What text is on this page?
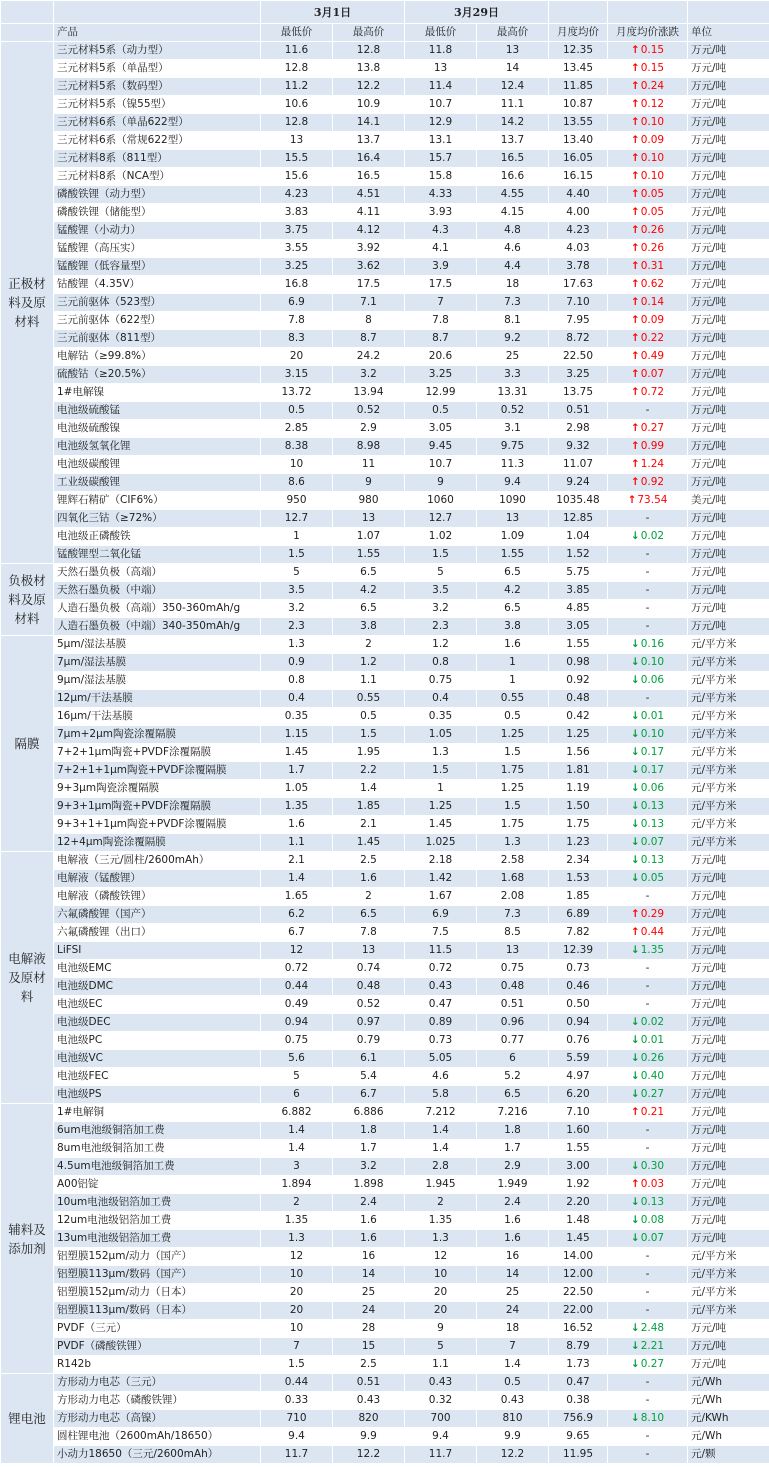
		3月1日		3月29日				
	产品	最低价	最高价	最低价	最高价	月度均价	月度均价涨跌	单位
正极材料及原材料	三元材料5系（动力型）	11.6	12.8	11.8	13	12.35	↑0.15	万元/吨
	三元材料5系（单晶型）	12.8	13.8	13	14	13.45	↑0.15	万元/吨
	三元材料5系（数码型）	11.2	12.2	11.4	12.4	11.85	↑0.24	万元/吨
	三元材料5系（镍55型）	10.6	10.9	10.7	11.1	10.87	↑0.12	万元/吨
	三元材料6系（单晶622型）	12.8	14.1	12.9	14.2	13.55	↑0.10	万元/吨
	三元材料6系（常规622型）	13	13.7	13.1	13.7	13.40	↑0.09	万元/吨
	三元材料8系（811型）	15.5	16.4	15.7	16.5	16.05	↑0.10	万元/吨
	三元材料8系（NCA型）	15.6	16.5	15.8	16.6	16.15	↑0.10	万元/吨
	磷酸铁锂（动力型）	4.23	4.51	4.33	4.55	4.40	↑0.05	万元/吨
	磷酸铁锂（储能型）	3.83	4.11	3.93	4.15	4.00	↑0.05	万元/吨
	锰酸锂（小动力）	3.75	4.12	4.3	4.8	4.23	↑0.26	万元/吨
	锰酸锂（高压实）	3.55	3.92	4.1	4.6	4.03	↑0.26	万元/吨
	锰酸锂（低容量型）	3.25	3.62	3.9	4.4	3.78	↑0.31	万元/吨
	钴酸锂（4.35V）	16.8	17.5	17.5	18	17.63	↑0.62	万元/吨
	三元前驱体（523型）	6.9	7.1	7	7.3	7.10	↑0.14	万元/吨
	三元前驱体（622型）	7.8	8	7.8	8.1	7.95	↑0.09	万元/吨
	三元前驱体（811型）	8.3	8.7	8.7	9.2	8.72	↑0.22	万元/吨
	电解钴（≥99.8%）	20	24.2	20.6	25	22.50	↑0.49	万元/吨
	硫酸钴（≥20.5%）	3.15	3.2	3.25	3.3	3.25	↑0.07	万元/吨
	1#电解镍	13.72	13.94	12.99	13.31	13.75	↑0.72	万元/吨
	电池级硫酸锰	0.5	0.52	0.5	0.52	0.51	-	万元/吨
	电池级硫酸镍	2.85	2.9	3.05	3.1	2.98	↑0.27	万元/吨
	电池级氢氧化锂	8.38	8.98	9.45	9.75	9.32	↑0.99	万元/吨
	电池级碳酸锂	10	11	10.7	11.3	11.07	↑1.24	万元/吨
	工业级碳酸锂	8.6	9	9	9.4	9.24	↑0.92	万元/吨
	锂辉石精矿（CIF6%）	950	980	1060	1090	1035.48	↑73.54	美元/吨
	四氧化三钴（≥72%）	12.7	13	12.7	13	12.85	-	万元/吨
	电池级正磷酸铁	1	1.07	1.02	1.09	1.04	↓0.02	万元/吨
	锰酸锂型二氧化锰	1.5	1.55	1.5	1.55	1.52	-	万元/吨
负极材料及原材料	天然石墨负极（高端）	5	6.5	5	6.5	5.75	-	万元/吨
	天然石墨负极（中端）	3.5	4.2	3.5	4.2	3.85	-	万元/吨
	人造石墨负极（高端）350-360mAh/g	3.2	6.5	3.2	6.5	4.85	-	万元/吨
	人造石墨负极（中端）340-350mAh/g	2.3	3.8	2.3	3.8	3.05	-	万元/吨
隔膜	5μm/湿法基膜	1.3	2	1.2	1.6	1.55	↓0.16	元/平方米
	7μm/湿法基膜	0.9	1.2	0.8	1	0.98	↓0.10	元/平方米
	9μm/湿法基膜	0.8	1.1	0.75	1	0.92	↓0.06	元/平方米
	12μm/干法基膜	0.4	0.55	0.4	0.55	0.48	-	元/平方米
	16μm/干法基膜	0.35	0.5	0.35	0.5	0.42	↓0.01	元/平方米
	7μm+2μm陶瓷涂覆隔膜	1.15	1.5	1.05	1.25	1.25	↓0.10	元/平方米
	7+2+1μm陶瓷+PVDF涂覆隔膜	1.45	1.95	1.3	1.5	1.56	↓0.17	元/平方米
	7+2+1+1μm陶瓷+PVDF涂覆隔膜	1.7	2.2	1.5	1.75	1.81	↓0.17	元/平方米
	9+3μm陶瓷涂覆隔膜	1.05	1.4	1	1.25	1.19	↓0.06	元/平方米
	9+3+1μm陶瓷+PVDF涂覆隔膜	1.35	1.85	1.25	1.5	1.50	↓0.13	元/平方米
	9+3+1+1μm陶瓷+PVDF涂覆隔膜	1.6	2.1	1.45	1.75	1.75	↓0.13	元/平方米
	12+4μm陶瓷涂覆隔膜	1.1	1.45	1.025	1.3	1.23	↓0.07	元/平方米
电解液及原材料	电解液（三元/圆柱/2600mAh）	2.1	2.5	2.18	2.58	2.34	↓0.13	万元/吨
	电解液（锰酸锂）	1.4	1.6	1.42	1.68	1.53	↓0.05	万元/吨
	电解液（磷酸铁锂）	1.65	2	1.67	2.08	1.85	-	万元/吨
	六氟磷酸锂（国产）	6.2	6.5	6.9	7.3	6.89	↑0.29	万元/吨
	六氟磷酸锂（出口）	6.7	7.8	7.5	8.5	7.82	↑0.44	万元/吨
	LiFSI	12	13	11.5	13	12.39	↓1.35	万元/吨
	电池级EMC	0.72	0.74	0.72	0.75	0.73	-	万元/吨
	电池级DMC	0.44	0.48	0.43	0.48	0.46	-	万元/吨
	电池级EC	0.49	0.52	0.47	0.51	0.50	-	万元/吨
	电池级DEC	0.94	0.97	0.89	0.96	0.94	↓0.02	万元/吨
	电池级PC	0.75	0.79	0.73	0.77	0.76	↓0.01	万元/吨
	电池级VC	5.6	6.1	5.05	6	5.59	↓0.26	万元/吨
	电池级FEC	5	5.4	4.6	5.2	4.97	↓0.40	万元/吨
	电池级PS	6	6.7	5.8	6.5	6.20	↓0.27	万元/吨
辅料及添加剂	1#电解铜	6.882	6.886	7.212	7.216	7.10	↑0.21	万元/吨
	6um电池级铜箔加工费	1.4	1.8	1.4	1.8	1.60	-	万元/吨
	8um电池级铜箔加工费	1.4	1.7	1.4	1.7	1.55	-	万元/吨
	4.5um电池级铜箔加工费	3	3.2	2.8	2.9	3.00	↓0.30	万元/吨
	A00铝锭	1.894	1.898	1.945	1.949	1.92	↑0.03	万元/吨
	10um电池级铝箔加工费	2	2.4	2	2.4	2.20	↓0.13	万元/吨
	12um电池级铝箔加工费	1.35	1.6	1.35	1.6	1.48	↓0.08	万元/吨
	13um电池级铝箔加工费	1.3	1.6	1.3	1.6	1.45	↓0.07	万元/吨
	铝塑膜152μm/动力（国产）	12	16	12	16	14.00	-	元/平方米
	铝塑膜113μm/数码（国产）	10	14	10	14	12.00	-	元/平方米
	铝塑膜152μm/动力（日本）	20	25	20	25	22.50	-	元/平方米
	铝塑膜113μm/数码（日本）	20	24	20	24	22.00	-	元/平方米
	PVDF（三元）	10	28	9	18	16.52	↓2.48	万元/吨
	PVDF（磷酸铁锂）	7	15	5	7	8.79	↓2.21	万元/吨
	R142b	1.5	2.5	1.1	1.4	1.73	↓0.27	万元/吨
锂电池	方形动力电芯（三元）	0.44	0.51	0.43	0.5	0.47	-	元/Wh
	方形动力电芯（磷酸铁锂）	0.33	0.43	0.32	0.43	0.38	-	元/Wh
	方形动力电芯（高镍）	710	820	700	810	756.9	↓8.10	元/KWh
	圆柱锂电池（2600mAh/18650）	9.4	9.9	9.4	9.9	9.65	-	元/Wh
	小动力18650（三元/2600mAh）	11.7	12.2	11.7	12.2	11.95	-	元/颗
